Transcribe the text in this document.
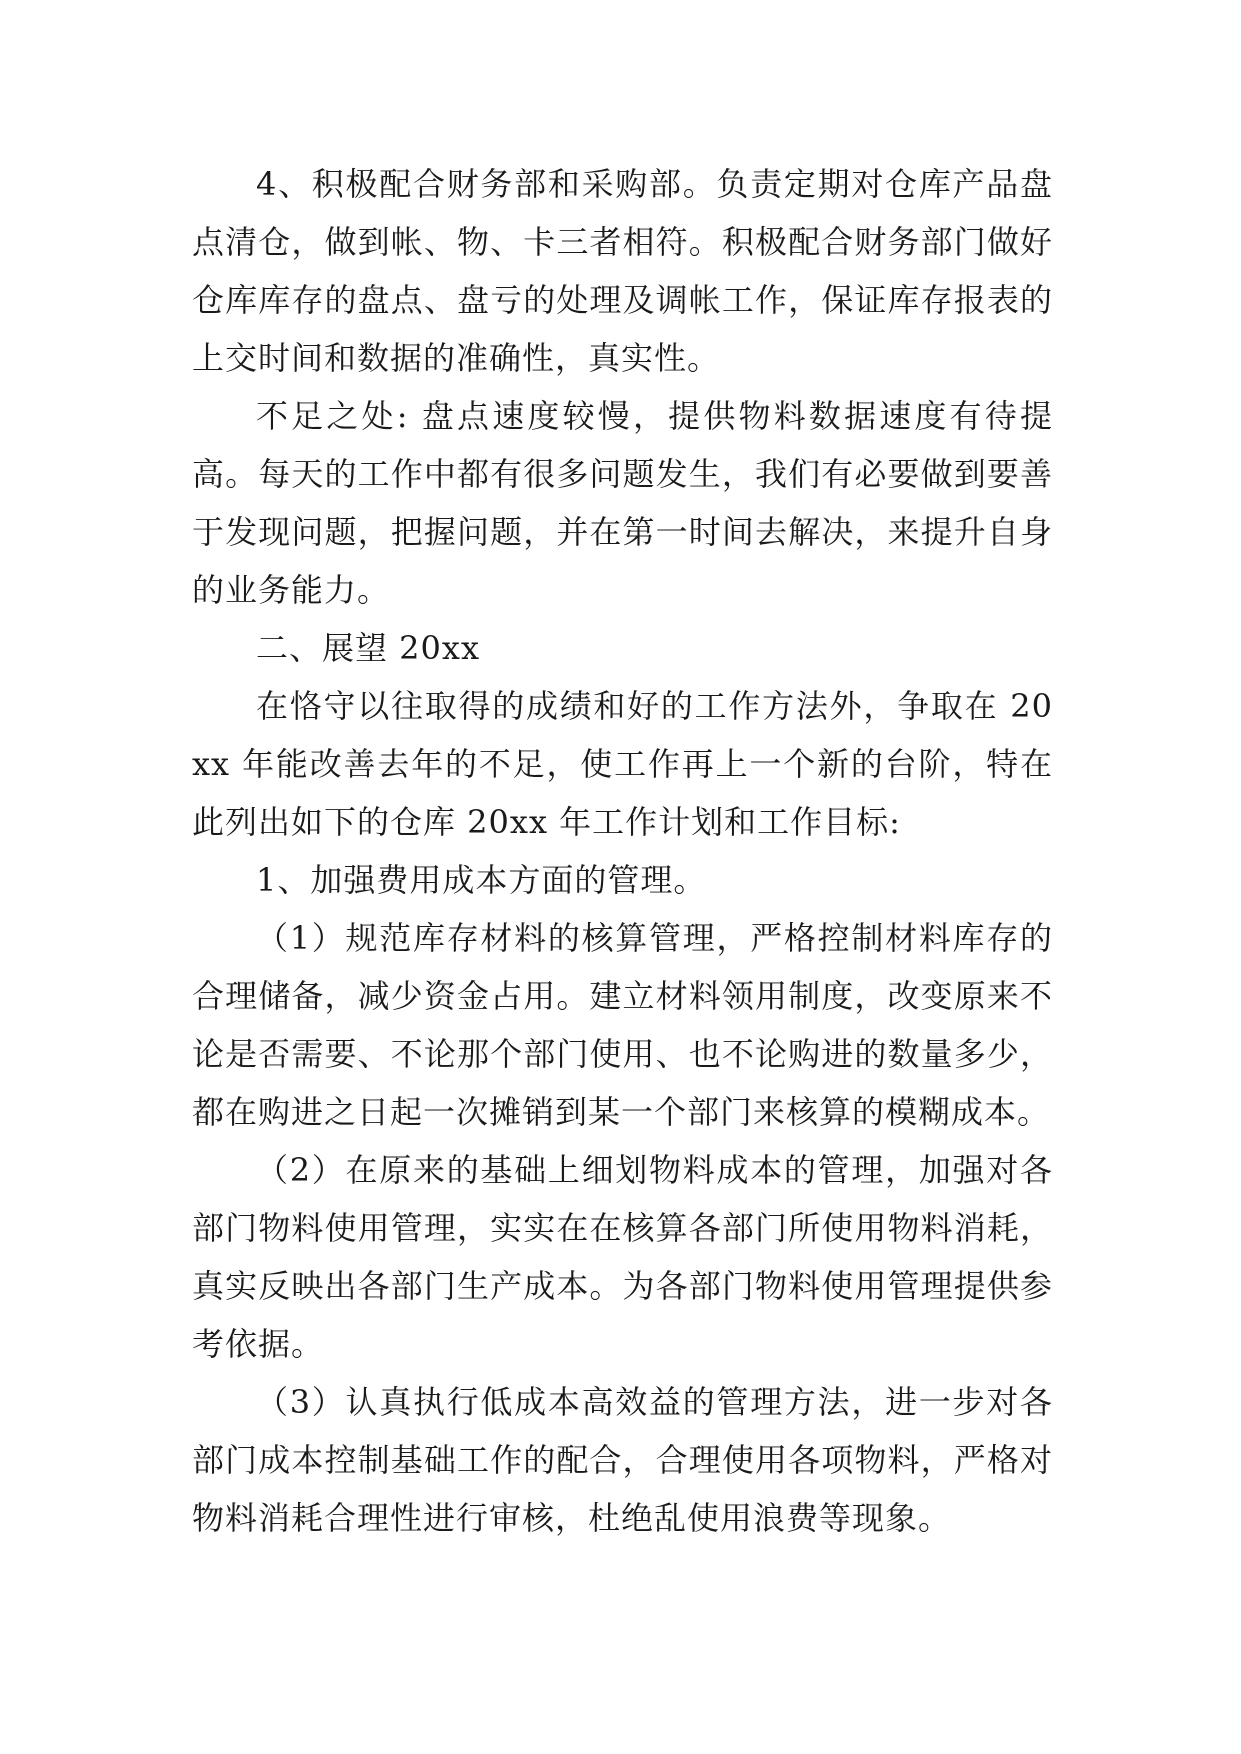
4、积极配合财务部和采购部。负责定期对仓库产品盘点清仓，做到帐、物、卡三者相符。积极配合财务部门做好仓库库存的盘点、盘亏的处理及调帐工作，保证库存报表的上交时间和数据的准确性，真实性。

不足之处: 盘点速度较慢，提供物料数据速度有待提高。每天的工作中都有很多问题发生，我们有必要做到要善于发现问题，把握问题，并在第一时间去解决，来提升自身的业务能力。

二、展望 20xx

在恪守以往取得的成绩和好的工作方法外，争取在 20xx 年能改善去年的不足，使工作再上一个新的台阶，特在此列出如下的仓库 20xx 年工作计划和工作目标:

1、加强费用成本方面的管理。

（1）规范库存材料的核算管理，严格控制材料库存的合理储备，减少资金占用。建立材料领用制度，改变原来不论是否需要、不论那个部门使用、也不论购进的数量多少，都在购进之日起一次摊销到某一个部门来核算的模糊成本。

（2）在原来的基础上细划物料成本的管理，加强对各部门物料使用管理，实实在在核算各部门所使用物料消耗，真实反映出各部门生产成本。为各部门物料使用管理提供参考依据。

（3）认真执行低成本高效益的管理方法，进一步对各部门成本控制基础工作的配合，合理使用各项物料，严格对物料消耗合理性进行审核，杜绝乱使用浪费等现象。
